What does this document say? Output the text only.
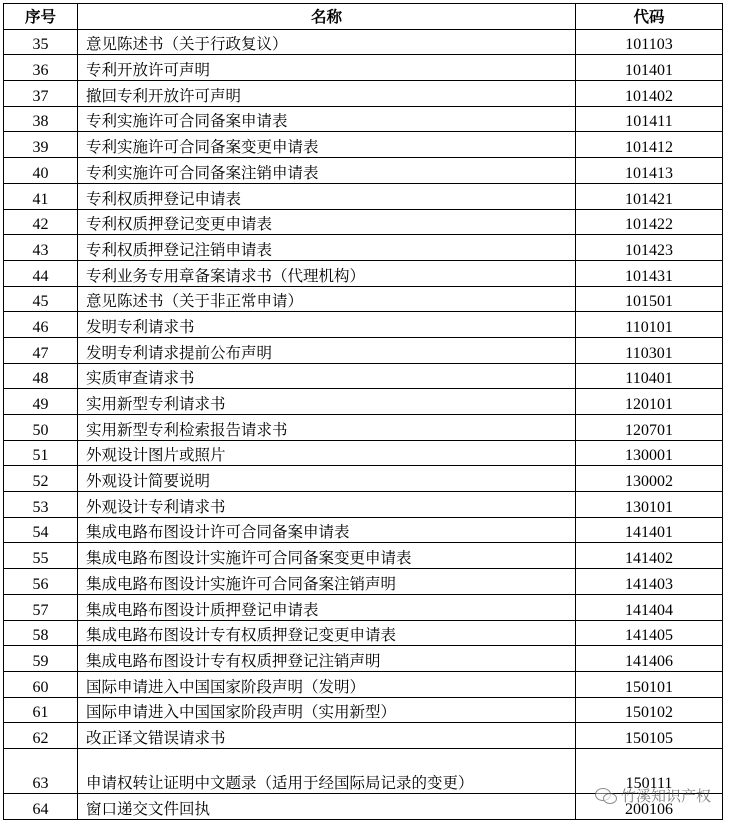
序号	名称	代码
35	意见陈述书（关于行政复议）	101103
36	专利开放许可声明	101401
37	撤回专利开放许可声明	101402
38	专利实施许可合同备案申请表	101411
39	专利实施许可合同备案变更申请表	101412
40	专利实施许可合同备案注销申请表	101413
41	专利权质押登记申请表	101421
42	专利权质押登记变更申请表	101422
43	专利权质押登记注销申请表	101423
44	专利业务专用章备案请求书（代理机构）	101431
45	意见陈述书（关于非正常申请）	101501
46	发明专利请求书	110101
47	发明专利请求提前公布声明	110301
48	实质审查请求书	110401
49	实用新型专利请求书	120101
50	实用新型专利检索报告请求书	120701
51	外观设计图片或照片	130001
52	外观设计简要说明	130002
53	外观设计专利请求书	130101
54	集成电路布图设计许可合同备案申请表	141401
55	集成电路布图设计实施许可合同备案变更申请表	141402
56	集成电路布图设计实施许可合同备案注销声明	141403
57	集成电路布图设计质押登记申请表	141404
58	集成电路布图设计专有权质押登记变更申请表	141405
59	集成电路布图设计专有权质押登记注销声明	141406
60	国际申请进入中国国家阶段声明（发明）	150101
61	国际申请进入中国国家阶段声明（实用新型）	150102
62	改正译文错误请求书	150105
63	申请权转让证明中文题录（适用于经国际局记录的变更）	150111
64	窗口递交文件回执	200106
竹溪知识产权
